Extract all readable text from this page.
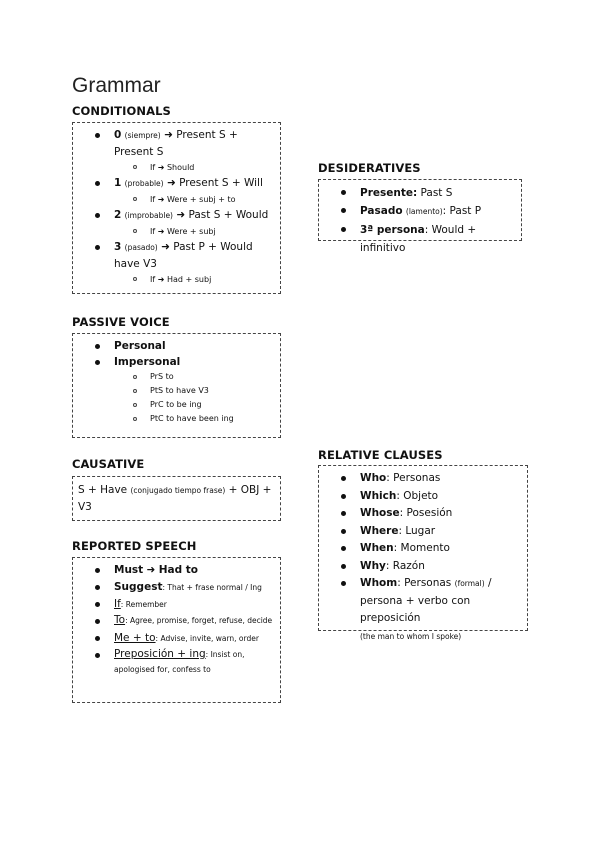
Grammar
CONDITIONALS
0 (siempre) ➜ Present S + Present S
If ➜ Should
1 (probable) ➜ Present S + Will
If ➜ Were + subj + to
2 (improbable) ➜ Past S + Would
If ➜ Were + subj
3 (pasado) ➜ Past P + Would have V3
If ➜ Had + subj
PASSIVE VOICE
Personal
Impersonal
PrS to
PtS to have V3
PrC to be ing
PtC to have been ing
CAUSATIVE
S + Have (conjugado tiempo frase) + OBJ + V3
REPORTED SPEECH
Must ➜ Had to
Suggest: That + frase normal / Ing
If: Remember
To: Agree, promise, forget, refuse, decide
Me + to: Advise, invite, warn, order
Preposición + ing: Insist on, apologised for, confess to
DESIDERATIVES
Presente: Past S
Pasado (lamento): Past P
3ª persona: Would + infinitivo
RELATIVE CLAUSES
Who: Personas
Which: Objeto
Whose: Posesión
Where: Lugar
When: Momento
Why: Razón
Whom: Personas (formal) / persona + verbo con preposición
(the man to whom I spoke)
